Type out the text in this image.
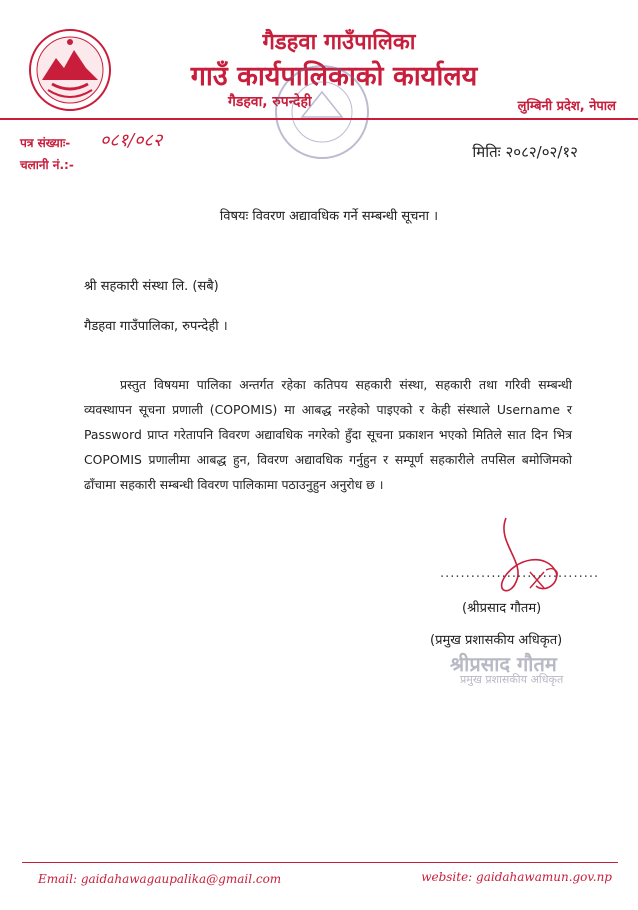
गैडहवा गाउँपालिका
गाउँ कार्यपालिकाको कार्यालय
गैडहवा, रुपन्देही	लुम्बिनी प्रदेश, नेपाल
पत्र संख्याः- ०८१/०८२
चलानी नं.:-
मितिः २०८२/०२/१२
विषयः विवरण अद्यावधिक गर्ने सम्बन्धी सूचना ।
श्री सहकारी संस्था लि. (सबै)
गैडहवा गाउँपालिका, रुपन्देही ।
प्रस्तुत विषयमा पालिका अन्तर्गत रहेका कतिपय सहकारी संस्था, सहकारी तथा गरिवी सम्बन्धी व्यवस्थापन सूचना प्रणाली (COPOMIS) मा आबद्ध नरहेको पाइएको र केही संस्थाले Username र Password प्राप्त गरेतापनि विवरण अद्यावधिक नगरेको हुँदा सूचना प्रकाशन भएको मितिले सात दिन भित्र COPOMIS प्रणालीमा आबद्ध हुन, विवरण अद्यावधिक गर्नुहुन र सम्पूर्ण सहकारीले तपसिल बमोजिमको ढाँचामा सहकारी सम्बन्धी विवरण पालिकामा पठाउनुहुन अनुरोध छ ।
...............................
(श्रीप्रसाद गौतम)
(प्रमुख प्रशासकीय अधिकृत)
श्रीप्रसाद गौतम
प्रमुख प्रशासकीय अधिकृत
Email: gaidahawagaupalika@gmail.com	website: gaidahawamun.gov.np
